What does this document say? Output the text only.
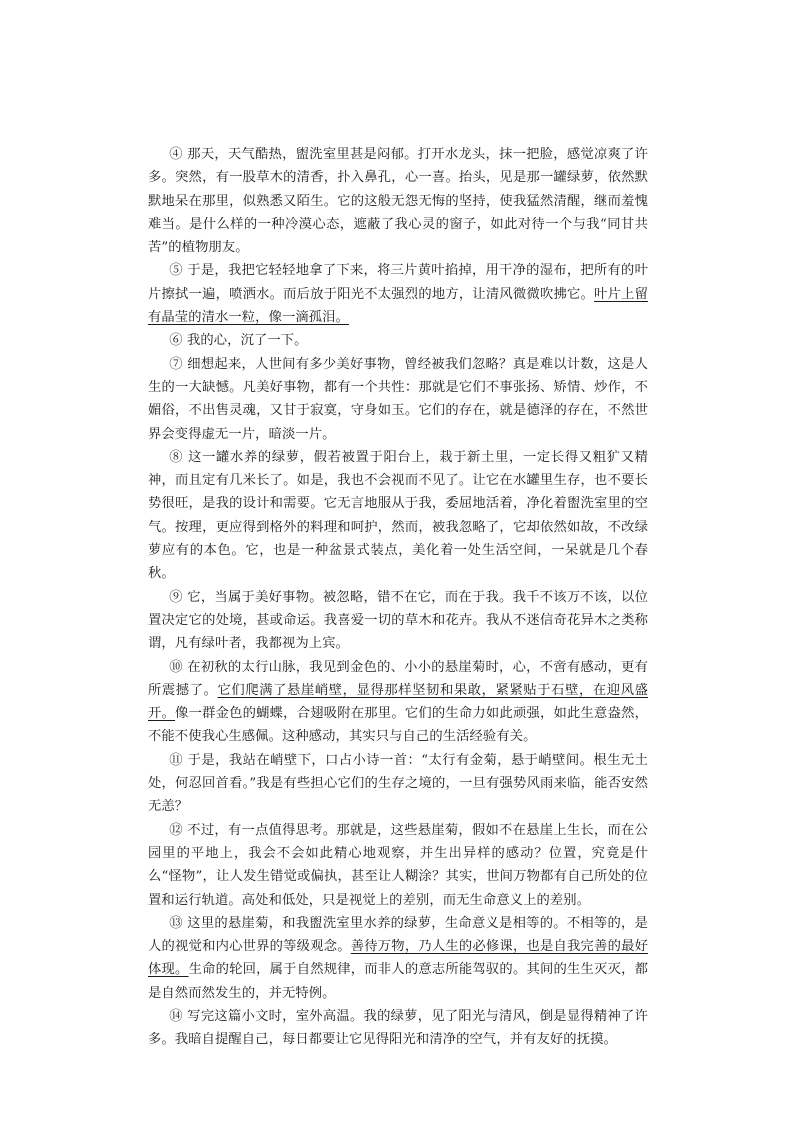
④ 那天，天气酷热，盥洗室里甚是闷郁。打开水龙头，抹一把脸，感觉凉爽了许多。突然，有一股草木的清香，扑入鼻孔，心一喜。抬头，见是那一罐绿萝，依然默默地呆在那里，似熟悉又陌生。它的这般无怨无悔的坚持，使我猛然清醒，继而羞愧难当。是什么样的一种冷漠心态，遮蔽了我心灵的窗子，如此对待一个与我“同甘共苦”的植物朋友。

⑤ 于是，我把它轻轻地拿了下来，将三片黄叶掐掉，用干净的湿布，把所有的叶片擦拭一遍，喷洒水。而后放于阳光不太强烈的地方，让清风微微吹拂它。叶片上留有晶莹的清水一粒，像一滴孤泪。

⑥ 我的心，沉了一下。

⑦ 细想起来，人世间有多少美好事物，曾经被我们忽略？真是难以计数，这是人生的一大缺憾。凡美好事物，都有一个共性：那就是它们不事张扬、矫情、炒作，不媚俗，不出售灵魂，又甘于寂寞，守身如玉。它们的存在，就是德泽的存在，不然世界会变得虚无一片，暗淡一片。

⑧ 这一罐水养的绿萝，假若被置于阳台上，栽于新土里，一定长得又粗犷又精神，而且定有几米长了。如是，我也不会视而不见了。让它在水罐里生存，也不要长势很旺，是我的设计和需要。它无言地服从于我，委屈地活着，净化着盥洗室里的空气。按理，更应得到格外的料理和呵护，然而，被我忽略了，它却依然如故，不改绿萝应有的本色。它，也是一种盆景式装点，美化着一处生活空间，一呆就是几个春秋。

⑨ 它，当属于美好事物。被忽略，错不在它，而在于我。我千不该万不该，以位置决定它的处境，甚或命运。我喜爱一切的草木和花卉。我从不迷信奇花异木之类称谓，凡有绿叶者，我都视为上宾。

⑩ 在初秋的太行山脉，我见到金色的、小小的悬崖菊时，心，不啻有感动，更有所震撼了。它们爬满了悬崖峭壁，显得那样坚韧和果敢，紧紧贴于石壁，在迎风盛开。像一群金色的蝴蝶，合翅吸附在那里。它们的生命力如此顽强，如此生意盎然，不能不使我心生感佩。这种感动，其实只与自己的生活经验有关。

⑪ 于是，我站在峭壁下，口占小诗一首：“太行有金菊，悬于峭壁间。根生无土处，何忍回首看。”我是有些担心它们的生存之境的，一旦有强势风雨来临，能否安然无恙？

⑫ 不过，有一点值得思考。那就是，这些悬崖菊，假如不在悬崖上生长，而在公园里的平地上，我会不会如此精心地观察，并生出异样的感动？位置，究竟是什么“怪物”，让人发生错觉或偏执，甚至让人糊涂？其实，世间万物都有自己所处的位置和运行轨道。高处和低处，只是视觉上的差别，而无生命意义上的差别。

⑬ 这里的悬崖菊，和我盥洗室里水养的绿萝，生命意义是相等的。不相等的，是人的视觉和内心世界的等级观念。善待万物，乃人生的必修课，也是自我完善的最好体现。生命的轮回，属于自然规律，而非人的意志所能驾驭的。其间的生生灭灭，都是自然而然发生的，并无特例。

⑭ 写完这篇小文时，室外高温。我的绿萝，见了阳光与清风，倒是显得精神了许多。我暗自提醒自己，每日都要让它见得阳光和清净的空气，并有友好的抚摸。
